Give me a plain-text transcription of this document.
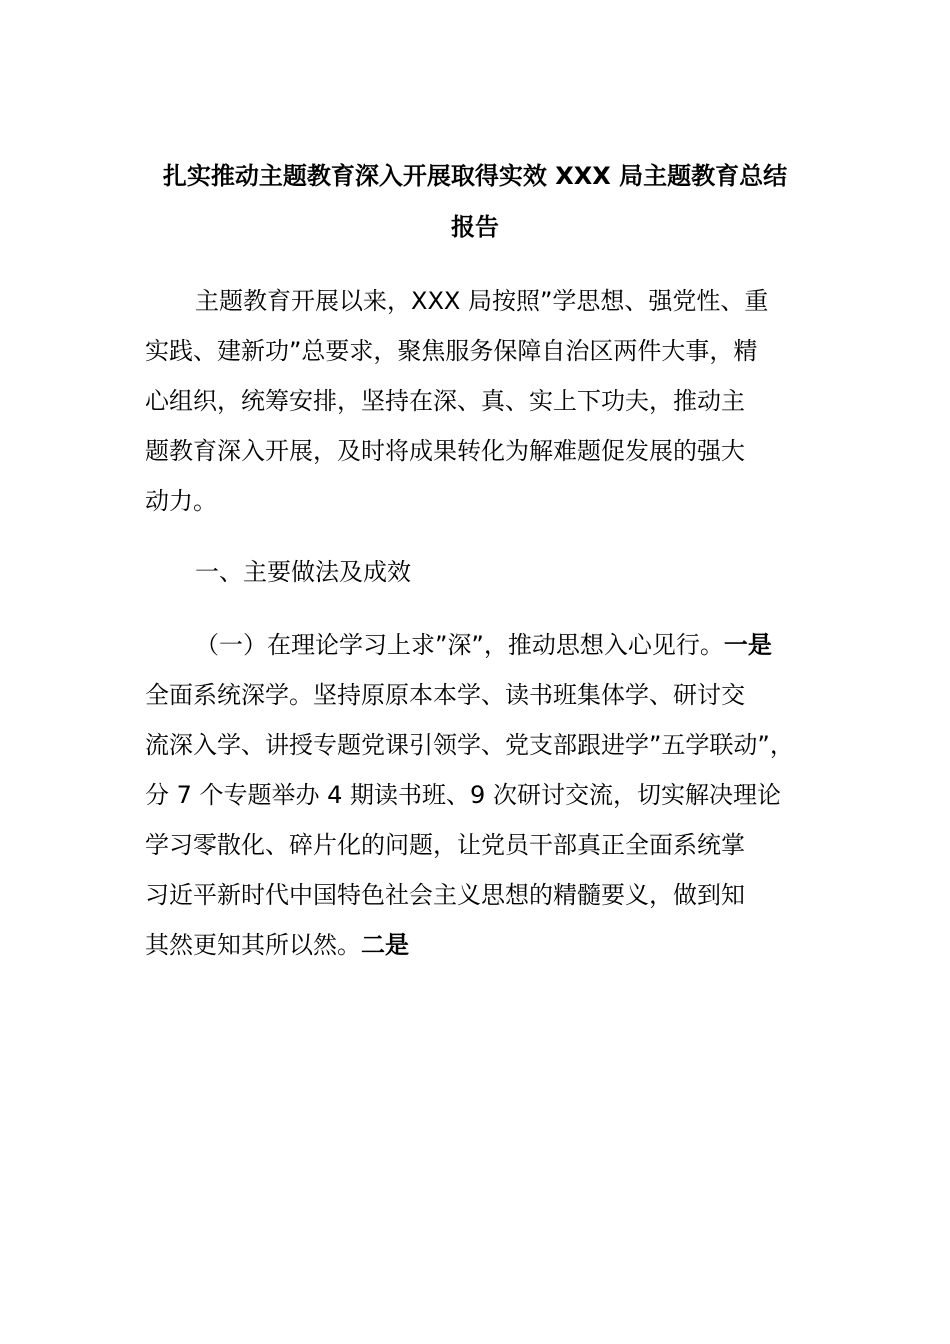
扎实推动主题教育深入开展取得实效 XXX 局主题教育总结
报告
主题教育开展以来，XXX 局按照”学思想、强党性、重
实践、建新功”总要求，聚焦服务保障自治区两件大事，精
心组织，统筹安排，坚持在深、真、实上下功夫，推动主
题教育深入开展，及时将成果转化为解难题促发展的强大
动力。
一、主要做法及成效
（一）在理论学习上求”深”，推动思想入心见行。一是
全面系统深学。坚持原原本本学、读书班集体学、研讨交
流深入学、讲授专题党课引领学、党支部跟进学”五学联动”，
分 7 个专题举办 4 期读书班、9 次研讨交流，切实解决理论
学习零散化、碎片化的问题，让党员干部真正全面系统掌
习近平新时代中国特色社会主义思想的精髓要义，做到知
其然更知其所以然。二是
